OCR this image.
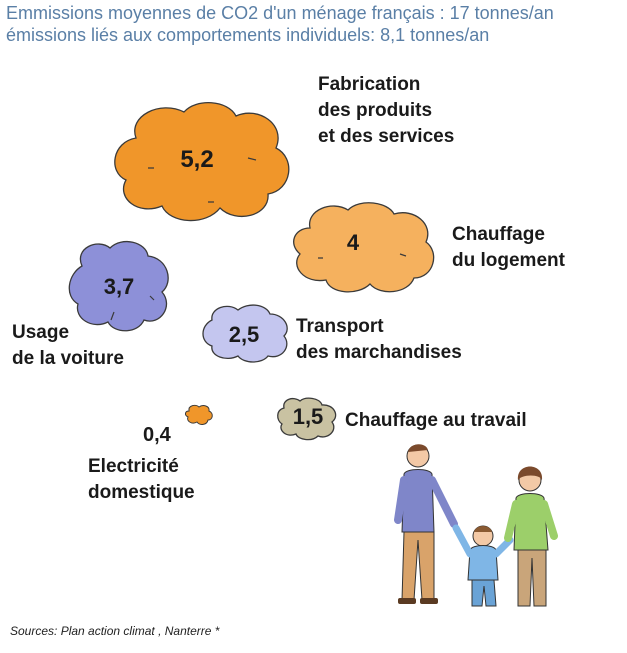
Emmissions moyennes de CO2 d'un ménage français : 17 tonnes/an
émissions liés aux comportements individuels: 8,1 tonnes/an
5,2
4
3,7
2,5
0,4
1,5
Fabrication
des produits
et des services
Chauffage
du logement
Usage
de la voiture
Transport
des marchandises
Electricité
domestique
Chauffage au travail
Sources: Plan action climat , Nanterre *
